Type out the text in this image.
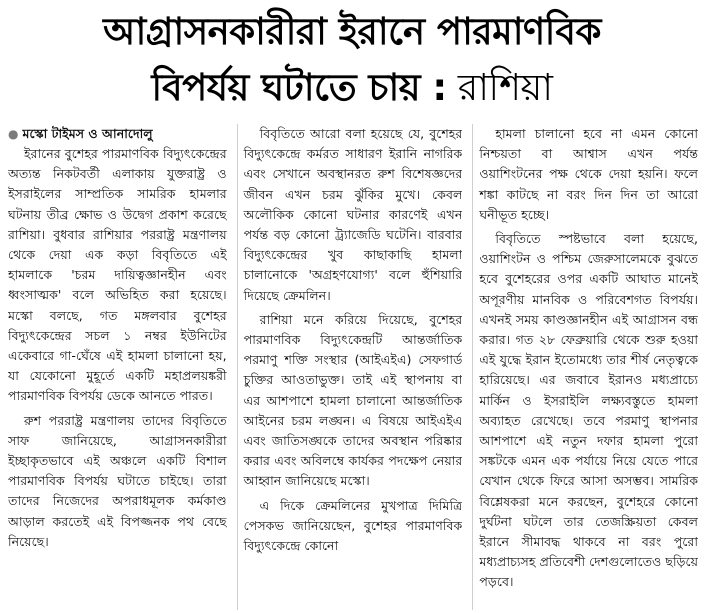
আগ্রাসনকারীরা ইরানে পারমাণবিক
বিপর্যয় ঘটাতে চায় : রাশিয়া
● মস্কো টাইমস ও আনাদোলু

ইরানের বুশেহর পারমাণবিক বিদ্যুৎকেন্দ্রের অত্যন্ত নিকটবর্তী এলাকায় যুক্তরাষ্ট্র ও ইসরাইলের সাম্প্রতিক সামরিক হামলার ঘটনায় তীব্র ক্ষোভ ও উদ্বেগ প্রকাশ করেছে রাশিয়া। বুধবার রাশিয়ার পররাষ্ট্র মন্ত্রণালয় থেকে দেয়া এক কড়া বিবৃতিতে এই হামলাকে 'চরম দায়িত্বজ্ঞানহীন এবং ধ্বংসাত্মক' বলে অভিহিত করা হয়েছে। মস্কো বলছে, গত মঙ্গলবার বুশেহর বিদ্যুৎকেন্দ্রের সচল ১ নম্বর ইউনিটের একেবারে গা-ঘেঁষে এই হামলা চালানো হয়, যা যেকোনো মুহূর্তে একটি মহাপ্রলয়ঙ্করী পারমাণবিক বিপর্যয় ডেকে আনতে পারত।

রুশ পররাষ্ট্র মন্ত্রণালয় তাদের বিবৃতিতে সাফ জানিয়েছে, আগ্রাসনকারীরা ইচ্ছাকৃতভাবে এই অঞ্চলে একটি বিশাল পারমাণবিক বিপর্যয় ঘটাতে চাইছে। তারা তাদের নিজেদের অপরাধমূলক কর্মকাণ্ড আড়াল করতেই এই বিপজ্জনক পথ বেছে নিয়েছে।

বিবৃতিতে আরো বলা হয়েছে যে, বুশেহর বিদ্যুৎকেন্দ্রে কর্মরত সাধারণ ইরানি নাগরিক এবং সেখানে অবস্থানরত রুশ বিশেষজ্ঞদের জীবন এখন চরম ঝুঁকির মুখে। কেবল অলৌকিক কোনো ঘটনার কারণেই এখন পর্যন্ত বড় কোনো ট্র্যাজেডি ঘটেনি। বারবার বিদ্যুৎকেন্দ্রের খুব কাছাকাছি হামলা চালানোকে 'অগ্রহণযোগ্য' বলে হুঁশিয়ারি দিয়েছে ক্রেমলিন।

রাশিয়া মনে করিয়ে দিয়েছে, বুশেহর পারমাণবিক বিদ্যুৎকেন্দ্রটি আন্তর্জাতিক পরমাণু শক্তি সংস্থার (আইএইএ) সেফগার্ড চুক্তির আওতাভুক্ত। তাই এই স্থাপনায় বা এর আশপাশে হামলা চালানো আন্তর্জাতিক আইনের চরম লঙ্ঘন। এ বিষয়ে আইএইএ এবং জাতিসঙ্ঘকে তাদের অবস্থান পরিষ্কার করার এবং অবিলম্বে কার্যকর পদক্ষেপ নেয়ার আহ্বান জানিয়েছে মস্কো।

এ দিকে ক্রেমলিনের মুখপাত্র দিমিত্রি পেসকভ জানিয়েছেন, বুশেহর পারমাণবিক বিদ্যুৎকেন্দ্রে কোনো

হামলা চালানো হবে না এমন কোনো নিশ্চয়তা বা আশ্বাস এখন পর্যন্ত ওয়াশিংটনের পক্ষ থেকে দেয়া হয়নি। ফলে শঙ্কা কাটছে না বরং দিন দিন তা আরো ঘনীভূত হচ্ছে।

বিবৃতিতে স্পষ্টভাবে বলা হয়েছে, ওয়াশিংটন ও পশ্চিম জেরুসালেমকে বুঝতে হবে বুশেহরের ওপর একটি আঘাত মানেই অপূরণীয় মানবিক ও পরিবেশগত বিপর্যয়। এখনই সময় কাণ্ডজ্ঞানহীন এই আগ্রাসন বন্ধ করার। গত ২৮ ফেব্রুয়ারি থেকে শুরু হওয়া এই যুদ্ধে ইরান ইতোমধ্যে তার শীর্ষ নেতৃত্বকে হারিয়েছে। এর জবাবে ইরানও মধ্যপ্রাচ্যে মার্কিন ও ইসরাইলি লক্ষ্যবস্তুতে হামলা অব্যাহত রেখেছে। তবে পরমাণু স্থাপনার আশপাশে এই নতুন দফার হামলা পুরো সঙ্কটকে এমন এক পর্যায়ে নিয়ে যেতে পারে যেখান থেকে ফিরে আসা অসম্ভব। সামরিক বিশ্লেষকরা মনে করছেন, বুশেহরে কোনো দুর্ঘটনা ঘটলে তার তেজস্ক্রিয়তা কেবল ইরানে সীমাবদ্ধ থাকবে না বরং পুরো মধ্যপ্রাচ্যসহ প্রতিবেশী দেশগুলোতেও ছড়িয়ে পড়বে।
